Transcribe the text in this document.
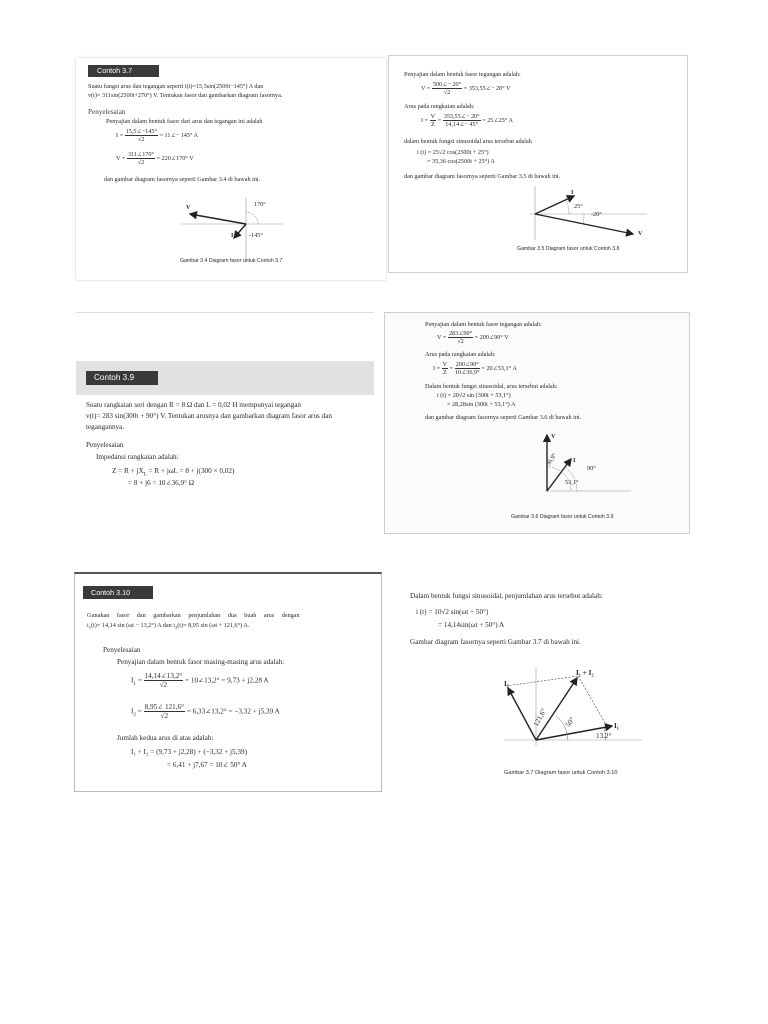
Contoh 3.7
Suatu fungsi arus dan tegangan seperti i(t)=15,5sin(2500t−145°) A dan
v(t)= 311sin(2500t+270°) V. Tentukan fasor dan gambarkan diagram fasornya.
Penyelesaian
Penyajian dalam bentuk fasor dari arus dan tegangan ini adalah
$I = \frac{15,5\angle-145^\circ}{√2}$ = 11∠− 145° A
$V = \frac{311\angle 170^\circ}{√2}$ = 220∠170° V
dan gambar diagram fasornya seperti Gambar 3.4 di bawah ini.
V
I
170°
-145°
Gambar 3.4 Diagram fasor untuk Contoh 3.7
Penyajian dalam bentuk fasor tegangan adalah:
$V = \frac{500\angle- 20^\circ}{√2}$ = 353,55∠− 20° V
Arus pada rangkaian adalah:
$I = \frac{V}{Z} = \frac{353,55\angle- 20^\circ}{14,14\angle- 45^\circ}$ = 25∠25° A
dalam bentuk fungsi sinusoidal arus tersebut adalah
i (t) = 25√2 cos(2500t + 25°)
= 35,36 cos(2500t + 25°) A
dan gambar diagram fasornya seperti Gambar 3.5 di bawah ini.
I
V
25°
-20°
Gambar 3.5 Diagram fasor untuk Contoh 3.8
Contoh 3.9
Suatu rangkaian seri dengan R = 8 Ω dan L = 0,02 H mempunyai tegangan
v(t)= 283 sin(300t + 90°) V. Tentukan arusnya dan gambarkan diagram fasor arus dan
tegangannya.
Penyelesaian
Impedansi rangkaian adalah:
$Z = R + jX_L = R + j\omega L = 8 + j(300 \times 0,02)$
= 8 + j6 = 10∠36,9° Ω
Penyajian dalam bentuk fasor tegangan adalah:
$V = \frac{283\angle 90^\circ}{√2}$ = 200∠90° V
Arus pada rangkaian adalah:
$I = \frac{V}{Z} = \frac{200\angle 90^\circ}{10\angle 36,9^\circ}$ = 20∠53,1° A
Dalam bentuk fungsi sinusoidal, arus tersebut adalah:
i (t) = 20√2 sin (300t + 53,1°)
= 28,28sin (300t + 53,1°) A
dan gambar diagram fasornya seperti Gambar 3.6 di bawah ini.
V
I
36,9°
90°
53,1°
Gambar 3.6 Diagram fasor untuk Contoh 3.9
Contoh 3.10
Gunakan fasor dan gambarkan penjumlahan dua buah arus dengan
$i_1(t)= 14,14$ sin (ωt − 13,2°) A dan $i_2(t)= 8,95$ sin (ωt + 121,6°) A.
Penyelesaian
Penyajian dalam bentuk fasor masing-masing arus adalah:
$I_1 = \frac{14,14\angle 13,2^\circ}{√2}$ = 10∠13,2° = 9,73 + j2,28 A
$I_2 = \frac{8,95\angle 121,6^\circ}{√2}$ = 6,33∠13,2° = −3,32 + j5,39 A
Jumlah kedua arus di atas adalah:
I₁ + I₂ = (9,73 + j2,28) + (−3,32 + j5,39)
= 6,41 + j7,67 = 10∠ 50° A
Dalam bentuk fungsi sinusoidal, penjumlahan arus tersebut adalah:
i (t) = 10√2 sin(ωt + 50°)
= 14,14sin(ωt + 50°) A
Gambar diagram fasornya seperti Gambar 3.7 di bawah ini.
I₁ + I₂
I₂
I₁
121,6° 50°
13,2°
Gambar 3.7 Diagram fasor untuk Contoh 3.10
